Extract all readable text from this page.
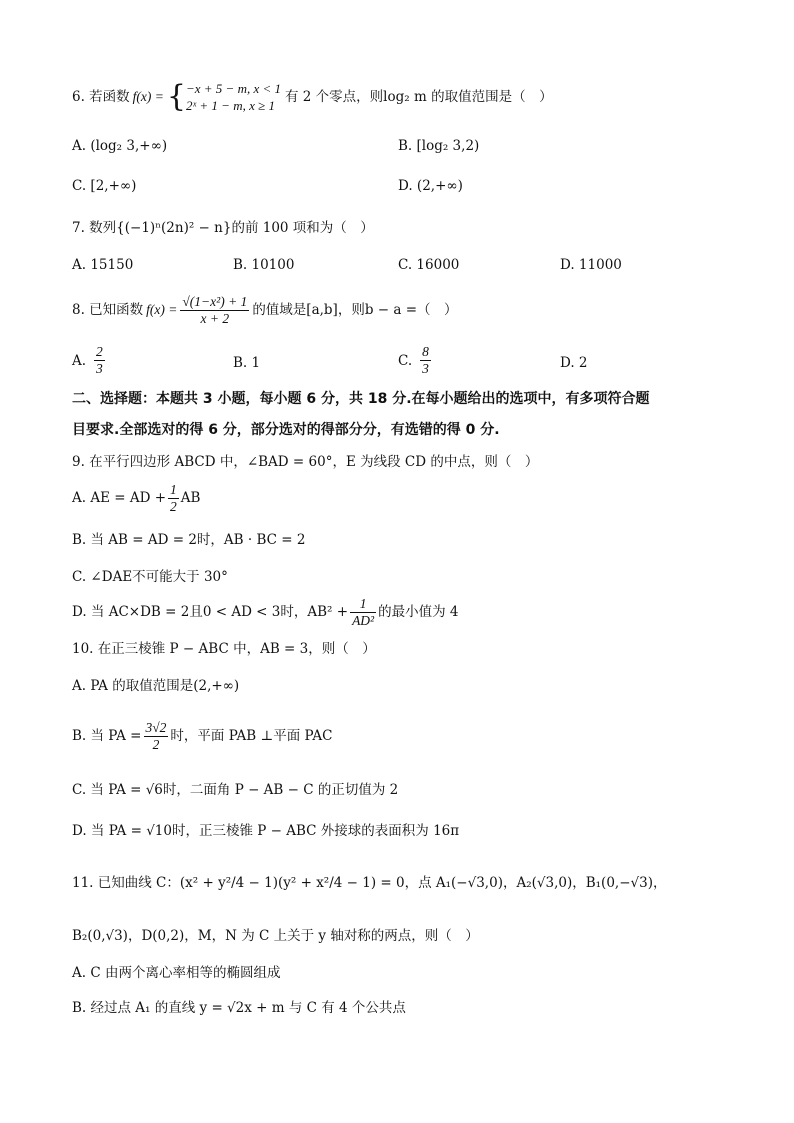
6. 若函数 f(x) = { −x + 5 − m, x < 1
2ˣ + 1 − m, x ≥ 1
有 2 个零点，则log₂ m 的取值范围是（　）
A. (log₂ 3,+∞)	B. [log₂ 3,2)
C. [2,+∞)	D. (2,+∞)
7. 数列{(−1)ⁿ(2n)² − n}的前 100 项和为（　）
A. 15150	B. 10100	C. 16000	D. 11000
8. 已知函数 $f(x) = \frac{\text{√(1−x²) + 1}}{x + 2}$ 的值域是[a,b]，则b − a =（　）
A. $\frac{2}{3}$	B. 1	C. $\frac{8}{3}$	D. 2
二、选择题：本题共 3 小题，每小题 6 分，共 18 分.在每小题给出的选项中，有多项符合题
目要求.全部选对的得 6 分，部分选对的得部分分，有选错的得 0 分.
9. 在平行四边形 ABCD 中，∠BAD = 60°，E 为线段 CD 的中点，则（　）
A. AE = AD + $\frac{1}{2}$ AB
B. 当 AB = AD = 2时，AB · BC = 2
C. ∠DAE不可能大于 30°
D. 当 AC×DB = 2且0 < AD < 3时，$AB^2 + \frac{1}{\text{AD²}}$ 的最小值为 4
10. 在正三棱锥 P − ABC 中，AB = 3，则（　）
A. PA 的取值范围是(2,+∞)
B. 当 PA = $\frac{3√2}{2}$ 时，平面 PAB ⊥平面 PAC
C. 当 PA = √6时，二面角 P − AB − C 的正切值为 2
D. 当 PA = √10时，正三棱锥 P − ABC 外接球的表面积为 16π
11. 已知曲线 C：(x² + y²/4 − 1)(y² + x²/4 − 1) = 0，点 A₁(−√3,0)，A₂(√3,0)，B₁(0,−√3)，
B₂(0,√3)，D(0,2)，M，N 为 C 上关于 y 轴对称的两点，则（　）
A. C 由两个离心率相等的椭圆组成
B. 经过点 A₁ 的直线 y = √2x + m 与 C 有 4 个公共点
